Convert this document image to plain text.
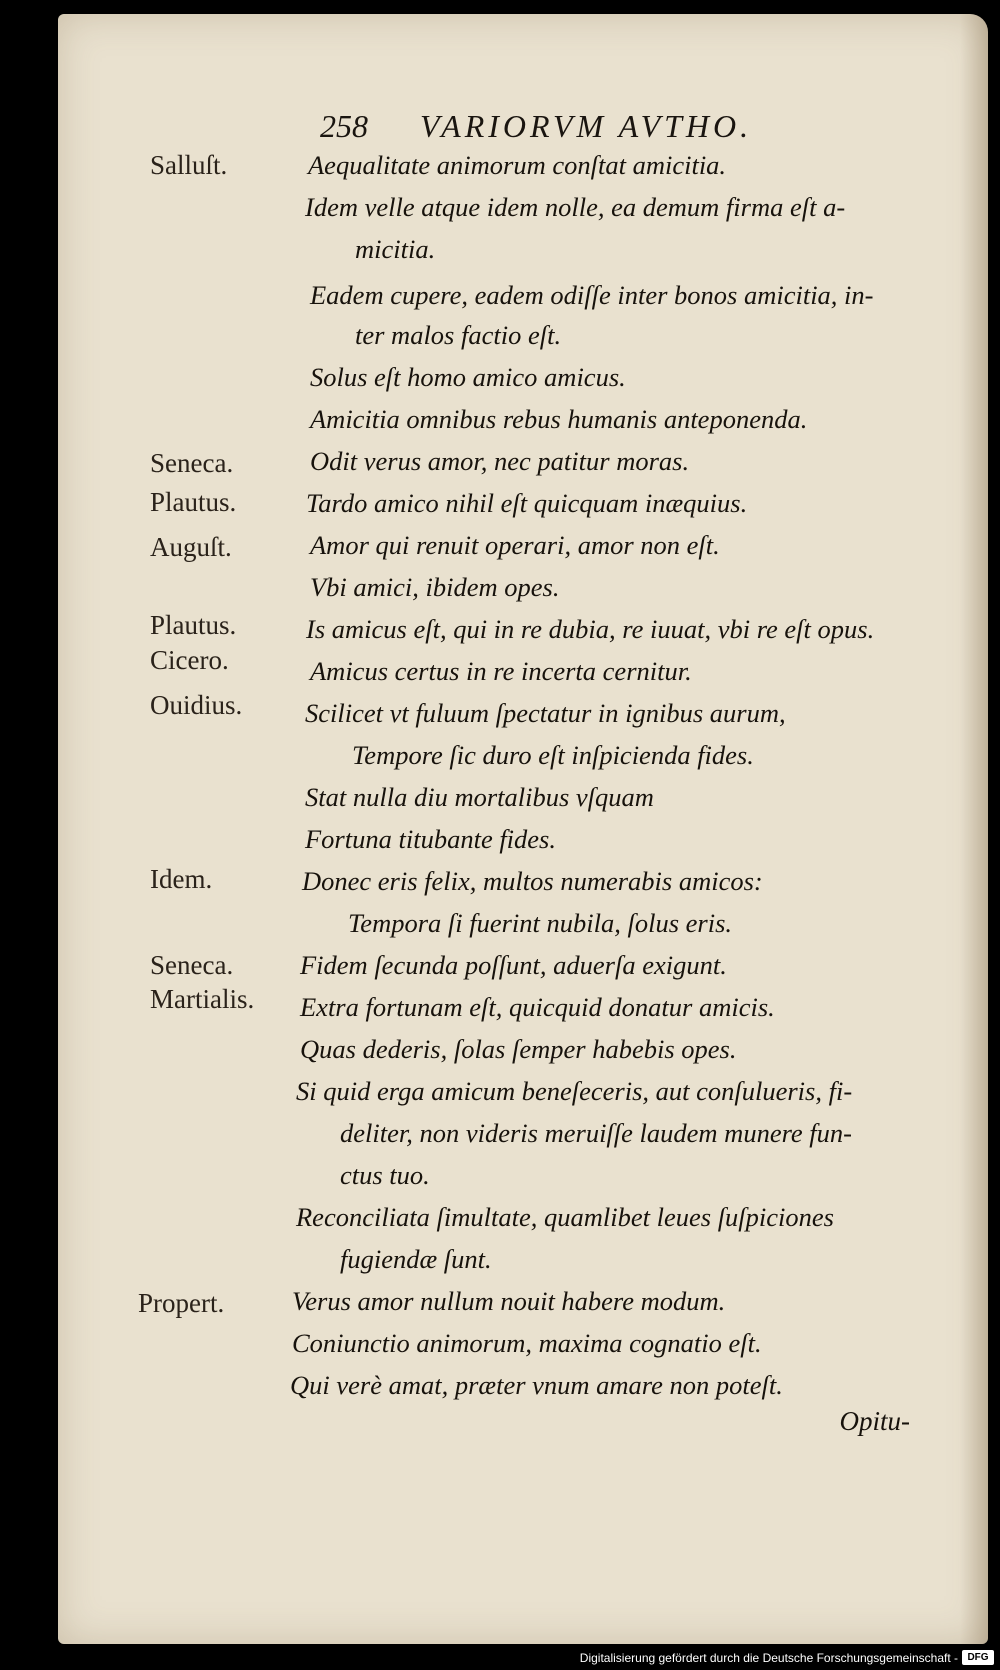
258 VARIORVM AVTHO.
Salluſt.
Seneca.
Plautus.
Auguſt.
Plautus.
Cicero.
Ouidius.
Idem.
Seneca.
Martialis.
Propert.
Aequalitate animorum conſtat amicitia.
Idem velle atque idem nolle, ea demum firma eſt a-
micitia.
Eadem cupere, eadem odiſſe inter bonos amicitia, in-
ter malos factio eſt.
Solus eſt homo amico amicus.
Amicitia omnibus rebus humanis anteponenda.
Odit verus amor, nec patitur moras.
Tardo amico nihil eſt quicquam inæquius.
Amor qui renuit operari, amor non eſt.
Vbi amici, ibidem opes.
Is amicus eſt, qui in re dubia, re iuuat, vbi re eſt opus.
Amicus certus in re incerta cernitur.
Scilicet vt fuluum ſpectatur in ignibus aurum,
Tempore ſic duro eſt inſpicienda fides.
Stat nulla diu mortalibus vſquam
Fortuna titubante fides.
Donec eris felix, multos numerabis amicos:
Tempora ſi fuerint nubila, ſolus eris.
Fidem ſecunda poſſunt, aduerſa exigunt.
Extra fortunam eſt, quicquid donatur amicis.
Quas dederis, ſolas ſemper habebis opes.
Si quid erga amicum beneſeceris, aut conſulueris, fi-
deliter, non videris meruiſſe laudem munere fun-
ctus tuo.
Reconciliata ſimultate, quamlibet leues ſuſpiciones
fugiendæ ſunt.
Verus amor nullum nouit habere modum.
Coniunctio animorum, maxima cognatio eſt.
Qui verè amat, præter vnum amare non poteſt.
Opitu-
Digitalisierung gefördert durch die Deutsche Forschungsgemeinschaft - DFG
